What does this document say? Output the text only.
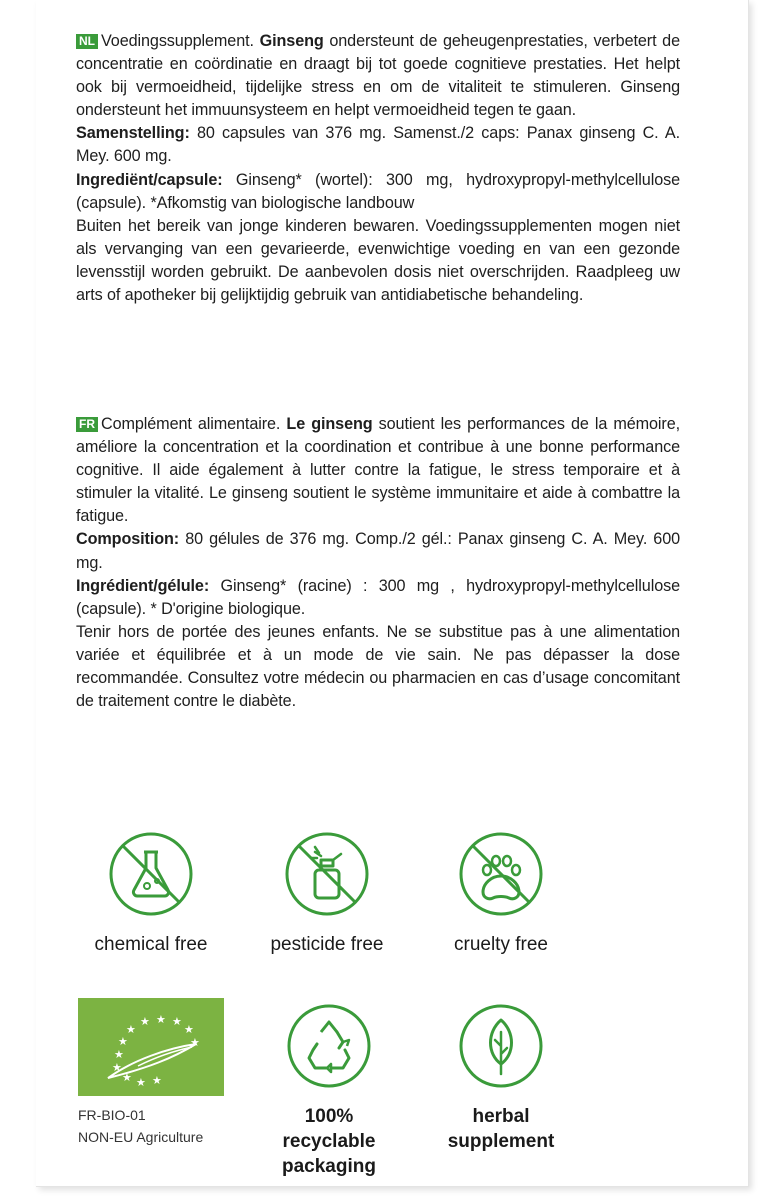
NL Voedingssupplement. Ginseng ondersteunt de geheugenprestaties, verbetert de concentratie en coördinatie en draagt bij tot goede cognitieve prestaties. Het helpt ook bij vermoeidheid, tijdelijke stress en om de vitaliteit te stimuleren. Ginseng ondersteunt het immuunsysteem en helpt vermoeidheid tegen te gaan.

Samenstelling: 80 capsules van 376 mg. Samenst./2 caps: Panax ginseng C. A. Mey. 600 mg.

Ingrediënt/capsule: Ginseng* (wortel): 300 mg, hydroxypropyl-methylcellulose (capsule). *Afkomstig van biologische landbouw

Buiten het bereik van jonge kinderen bewaren. Voedingssupplementen mogen niet als vervanging van een gevarieerde, evenwichtige voeding en van een gezonde levensstijl worden gebruikt. De aanbevolen dosis niet overschrijden. Raadpleeg uw arts of apotheker bij gelijktijdig gebruik van antidiabetische behandeling.

FR Complément alimentaire. Le ginseng soutient les performances de la mémoire, améliore la concentration et la coordination et contribue à une bonne performance cognitive. Il aide également à lutter contre la fatigue, le stress temporaire et à stimuler la vitalité. Le ginseng soutient le système immunitaire et aide à combattre la fatigue.

Composition: 80 gélules de 376 mg. Comp./2 gél.: Panax ginseng C. A. Mey. 600 mg.

Ingrédient/gélule: Ginseng* (racine) : 300 mg , hydroxypropyl-methylcellulose (capsule). * D'origine biologique.

Tenir hors de portée des jeunes enfants. Ne se substitue pas à une alimentation variée et équilibrée et à un mode de vie sain. Ne pas dépasser la dose recommandée. Consultez votre médecin ou pharmacien en cas d’usage concomitant de traitement contre le diabète.

chemical free	pesticide free	cruelty free
★ ★ ★
★
★
★
★
★
★ ★ ★
★
FR-BIO-01
NON-EU Agriculture
100% recyclable packaging
herbal supplement
